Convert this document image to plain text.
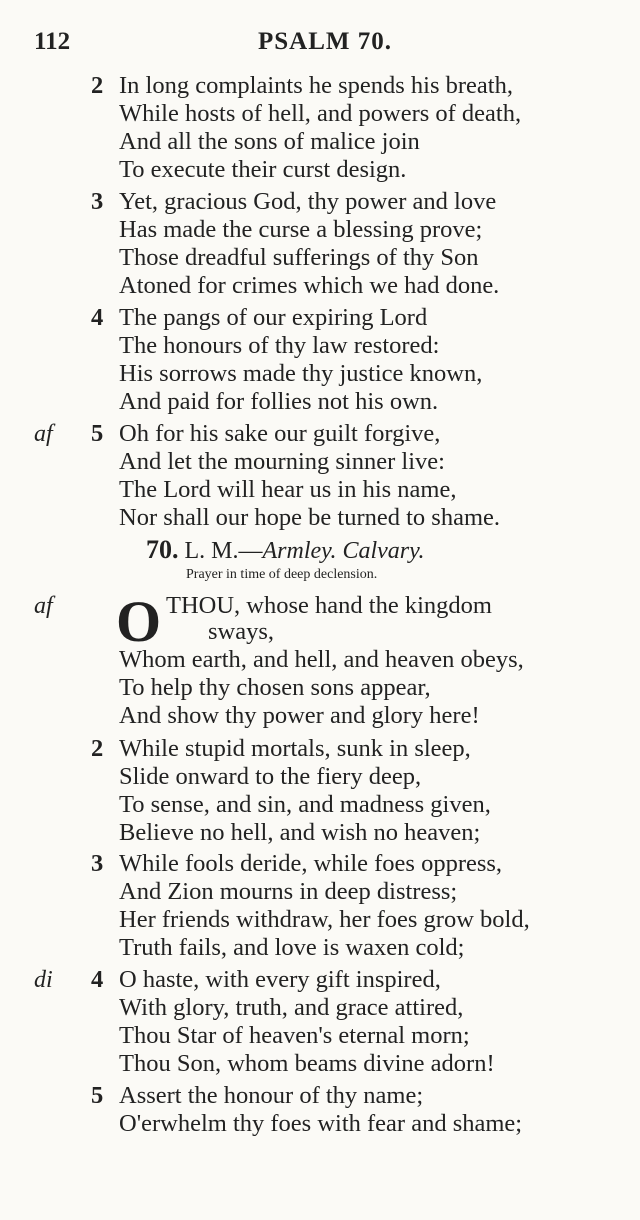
112	PSALM 70.
2 In long complaints he spends his breath,
While hosts of hell, and powers of death,
And all the sons of malice join
To execute their curst design.
3 Yet, gracious God, thy power and love
Has made the curse a blessing prove;
Those dreadful sufferings of thy Son
Atoned for crimes which we had done.
4 The pangs of our expiring Lord
The honours of thy law restored:
His sorrows made thy justice known,
And paid for follies not his own.
af 5 Oh for his sake our guilt forgive,
And let the mourning sinner live:
The Lord will hear us in his name,
Nor shall our hope be turned to shame.
70. L. M.—Armley. Calvary.
Prayer in time of deep declension.
af O THOU, whose hand the kingdom
sways,
Whom earth, and hell, and heaven obeys,
To help thy chosen sons appear,
And show thy power and glory here!
2 While stupid mortals, sunk in sleep,
Slide onward to the fiery deep,
To sense, and sin, and madness given,
Believe no hell, and wish no heaven;
3 While fools deride, while foes oppress,
And Zion mourns in deep distress;
Her friends withdraw, her foes grow bold,
Truth fails, and love is waxen cold;
di 4 O haste, with every gift inspired,
With glory, truth, and grace attired,
Thou Star of heaven's eternal morn;
Thou Son, whom beams divine adorn!
5 Assert the honour of thy name;
O'erwhelm thy foes with fear and shame;
